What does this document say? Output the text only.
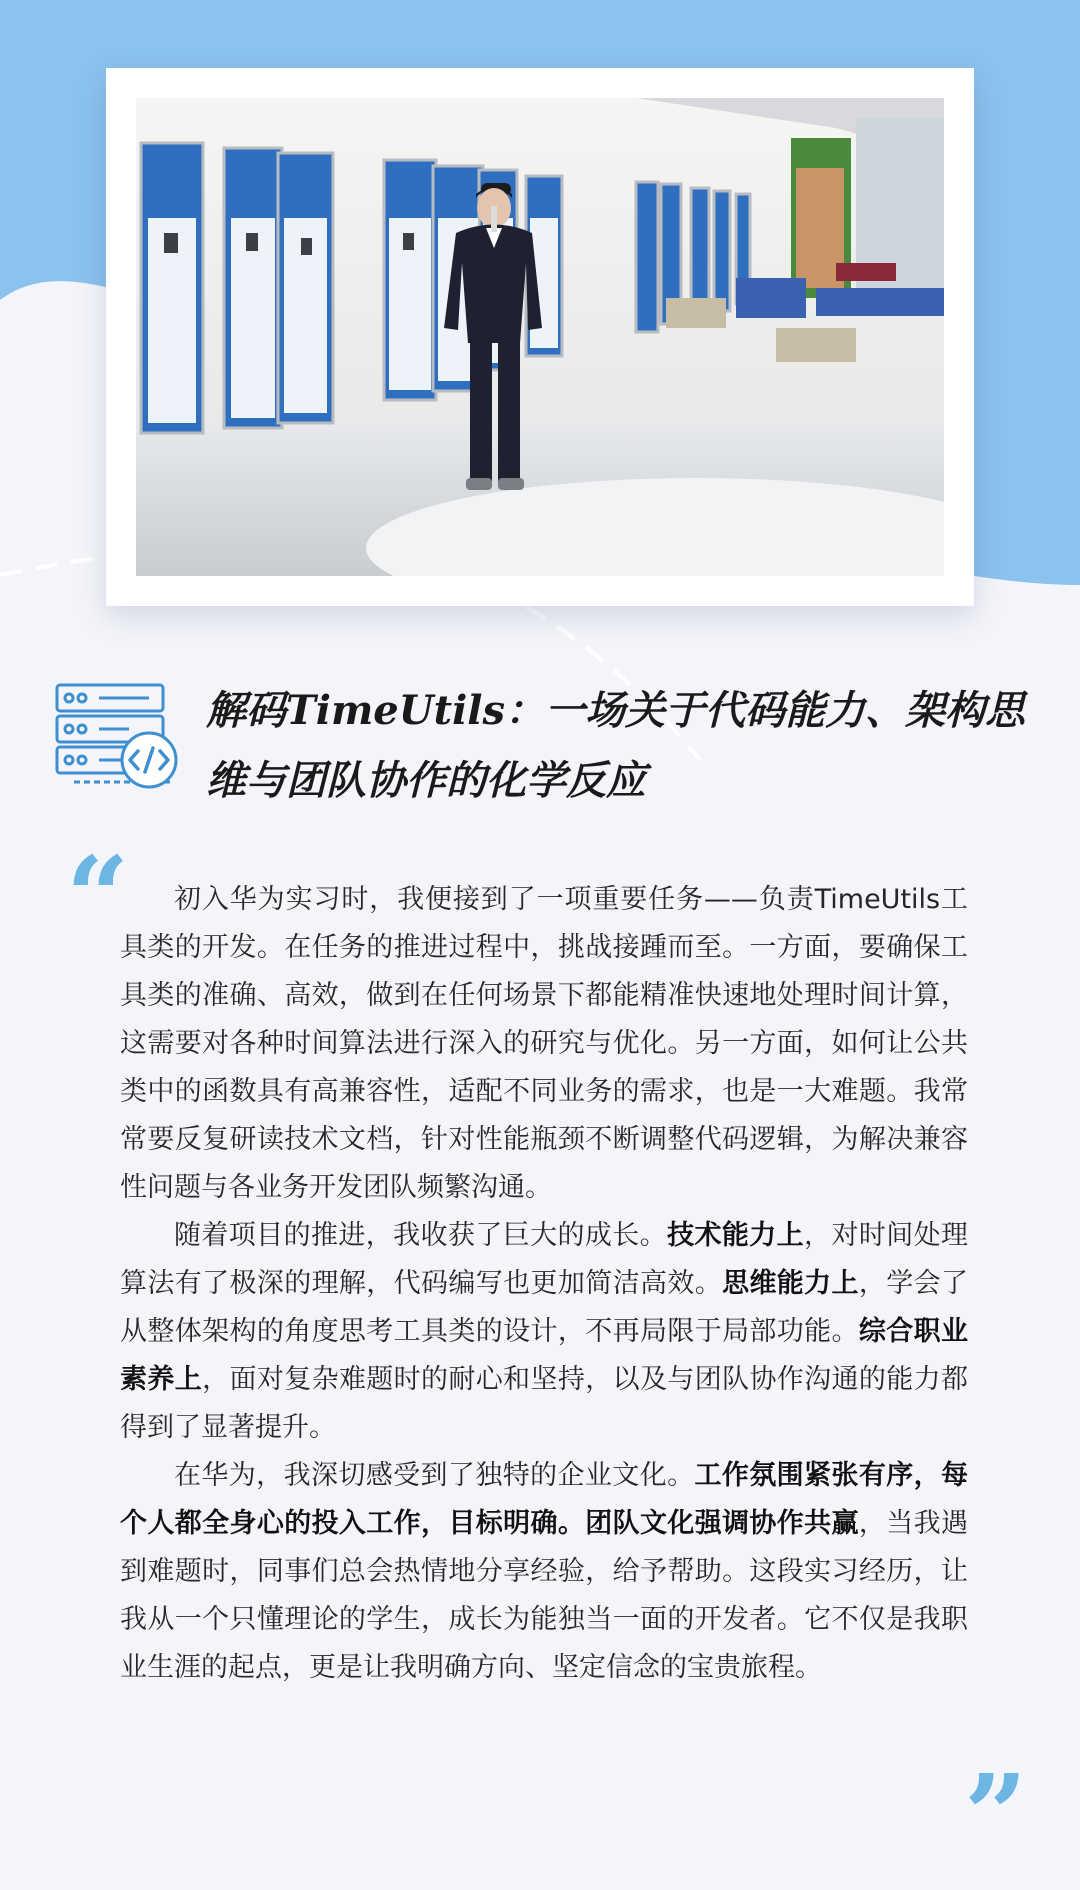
解码TimeUtils：一场关于代码能力、架构思维与团队协作的化学反应
“
”

初入华为实习时，我便接到了一项重要任务——负责TimeUtils工具类的开发。在任务的推进过程中，挑战接踵而至。一方面，要确保工具类的准确、高效，做到在任何场景下都能精准快速地处理时间计算，这需要对各种时间算法进行深入的研究与优化。另一方面，如何让公共类中的函数具有高兼容性，适配不同业务的需求，也是一大难题。我常常要反复研读技术文档，针对性能瓶颈不断调整代码逻辑，为解决兼容性问题与各业务开发团队频繁沟通。

随着项目的推进，我收获了巨大的成长。技术能力上，对时间处理算法有了极深的理解，代码编写也更加简洁高效。思维能力上，学会了从整体架构的角度思考工具类的设计，不再局限于局部功能。综合职业素养上，面对复杂难题时的耐心和坚持，以及与团队协作沟通的能力都得到了显著提升。

在华为，我深切感受到了独特的企业文化。工作氛围紧张有序，每个人都全身心的投入工作，目标明确。团队文化强调协作共赢，当我遇到难题时，同事们总会热情地分享经验，给予帮助。这段实习经历，让我从一个只懂理论的学生，成长为能独当一面的开发者。它不仅是我职业生涯的起点，更是让我明确方向、坚定信念的宝贵旅程。
